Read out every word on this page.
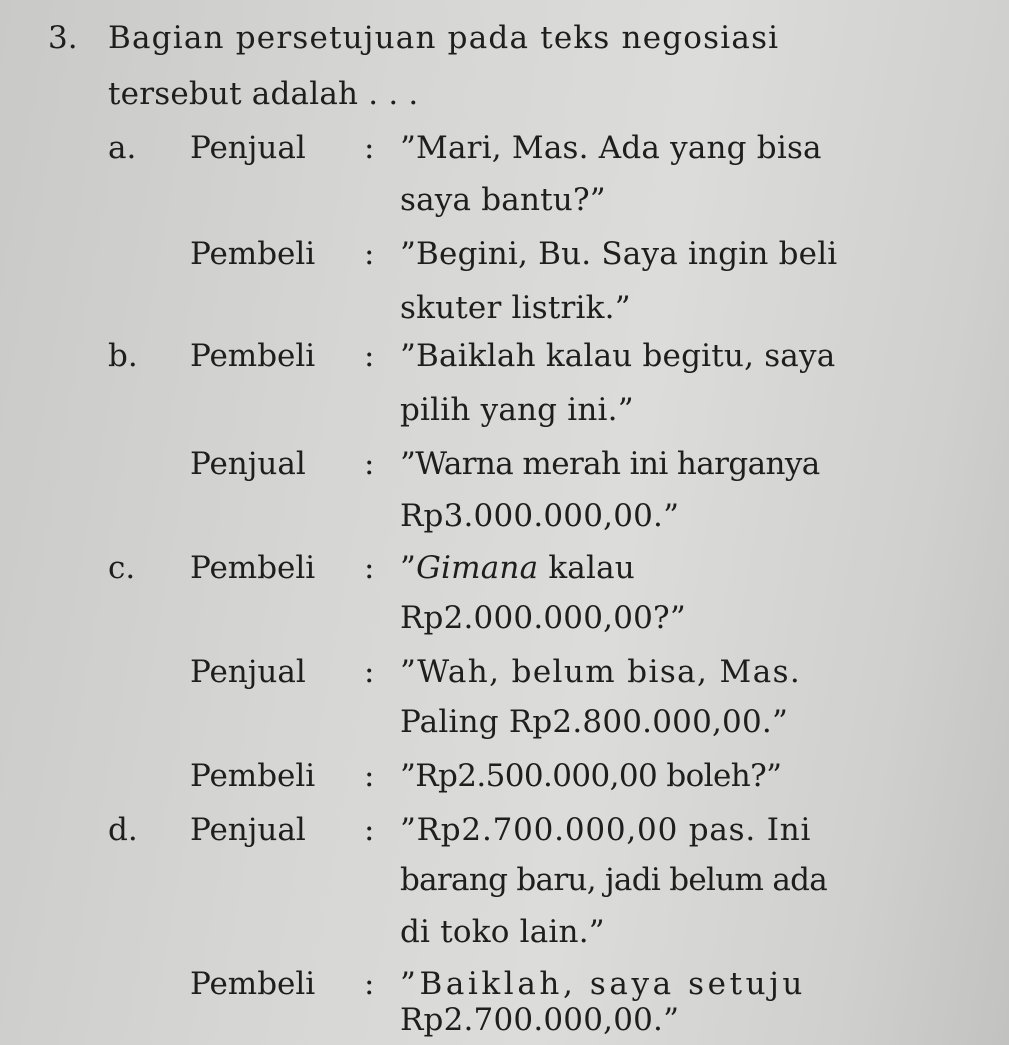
3. Bagian persetujuan pada teks negosiasi
tersebut adalah . . .
a. Penjual : ”Mari, Mas. Ada yang bisa
saya bantu?”
Pembeli : ”Begini, Bu. Saya ingin beli
skuter listrik.”
b. Pembeli : ”Baiklah kalau begitu, saya
pilih yang ini.”
Penjual : ”Warna merah ini harganya
Rp3.000.000,00.”
c. Pembeli : ”Gimana kalau
Rp2.000.000,00?”
Penjual : ”Wah, belum bisa, Mas.
Paling Rp2.800.000,00.”
Pembeli : ”Rp2.500.000,00 boleh?”
d. Penjual : ”Rp2.700.000,00 pas. Ini
barang baru, jadi belum ada
di toko lain.”
Pembeli : ”Baiklah, saya setuju
Rp2.700.000,00.”
